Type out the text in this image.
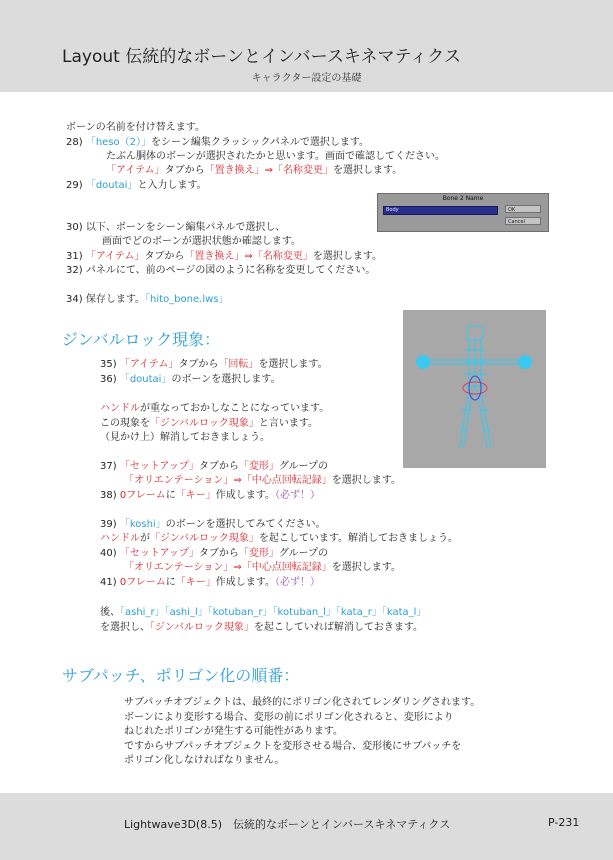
Layout 伝統的なボーンとインバースキネマティクス
キャラクター設定の基礎
ボーンの名前を付け替えます。
28) 「heso（2）」をシーン編集クラッシックパネルで選択します。
たぶん胴体のボーンが選択されたかと思います。画面で確認してください。
「アイテム」タブから「置き換え」⇒「名称変更」を選択します。
29) 「doutai」と入力します。
Bone 2 Name
Body	OK
Cancel
30) 以下、ボーンをシーン編集パネルで選択し、
画面でどのボーンが選択状態か確認します。
31) 「アイテム」タブから「置き換え」⇒「名称変更」を選択します。
32) パネルにて、前のページの図のように名称を変更してください。
34) 保存します。「hito_bone.lws」
ジンバルロック現象：
35) 「アイテム」タブから「回転」を選択します。
36) 「doutai」のボーンを選択します。
ハンドルが重なっておかしなことになっています。
この現象を「ジンバルロック現象」と言います。
（見かけ上）解消しておきましょう。
37) 「セットアップ」タブから「変形」グループの
「オリエンテーション」⇒「中心点回転記録」を選択します。
38) 0フレームに「キー」作成します。（必ず！）
39) 「koshi」のボーンを選択してみてください。
ハンドルが「ジンバルロック現象」を起こしています。解消しておきましょう。
40) 「セットアップ」タブから「変形」グループの
「オリエンテーション」⇒「中心点回転記録」を選択します。
41) 0フレームに「キー」作成します。（必ず！）
後、「ashi_r」「ashi_l」「kotuban_r」「kotuban_l」「kata_r」「kata_l」
を選択し、「ジンバルロック現象」を起こしていれば解消しておきます。
サブパッチ、ポリゴン化の順番：
サブパッチオブジェクトは、最終的にポリゴン化されてレンダリングされます。
ボーンにより変形する場合、変形の前にポリゴン化されると、変形により
ねじれたポリゴンが発生する可能性があります。
ですからサブパッチオブジェクトを変形させる場合、変形後にサブパッチを
ポリゴン化しなければなりません。
Lightwave3D(8.5)　伝統的なボーンとインバースキネマティクス	P-231
